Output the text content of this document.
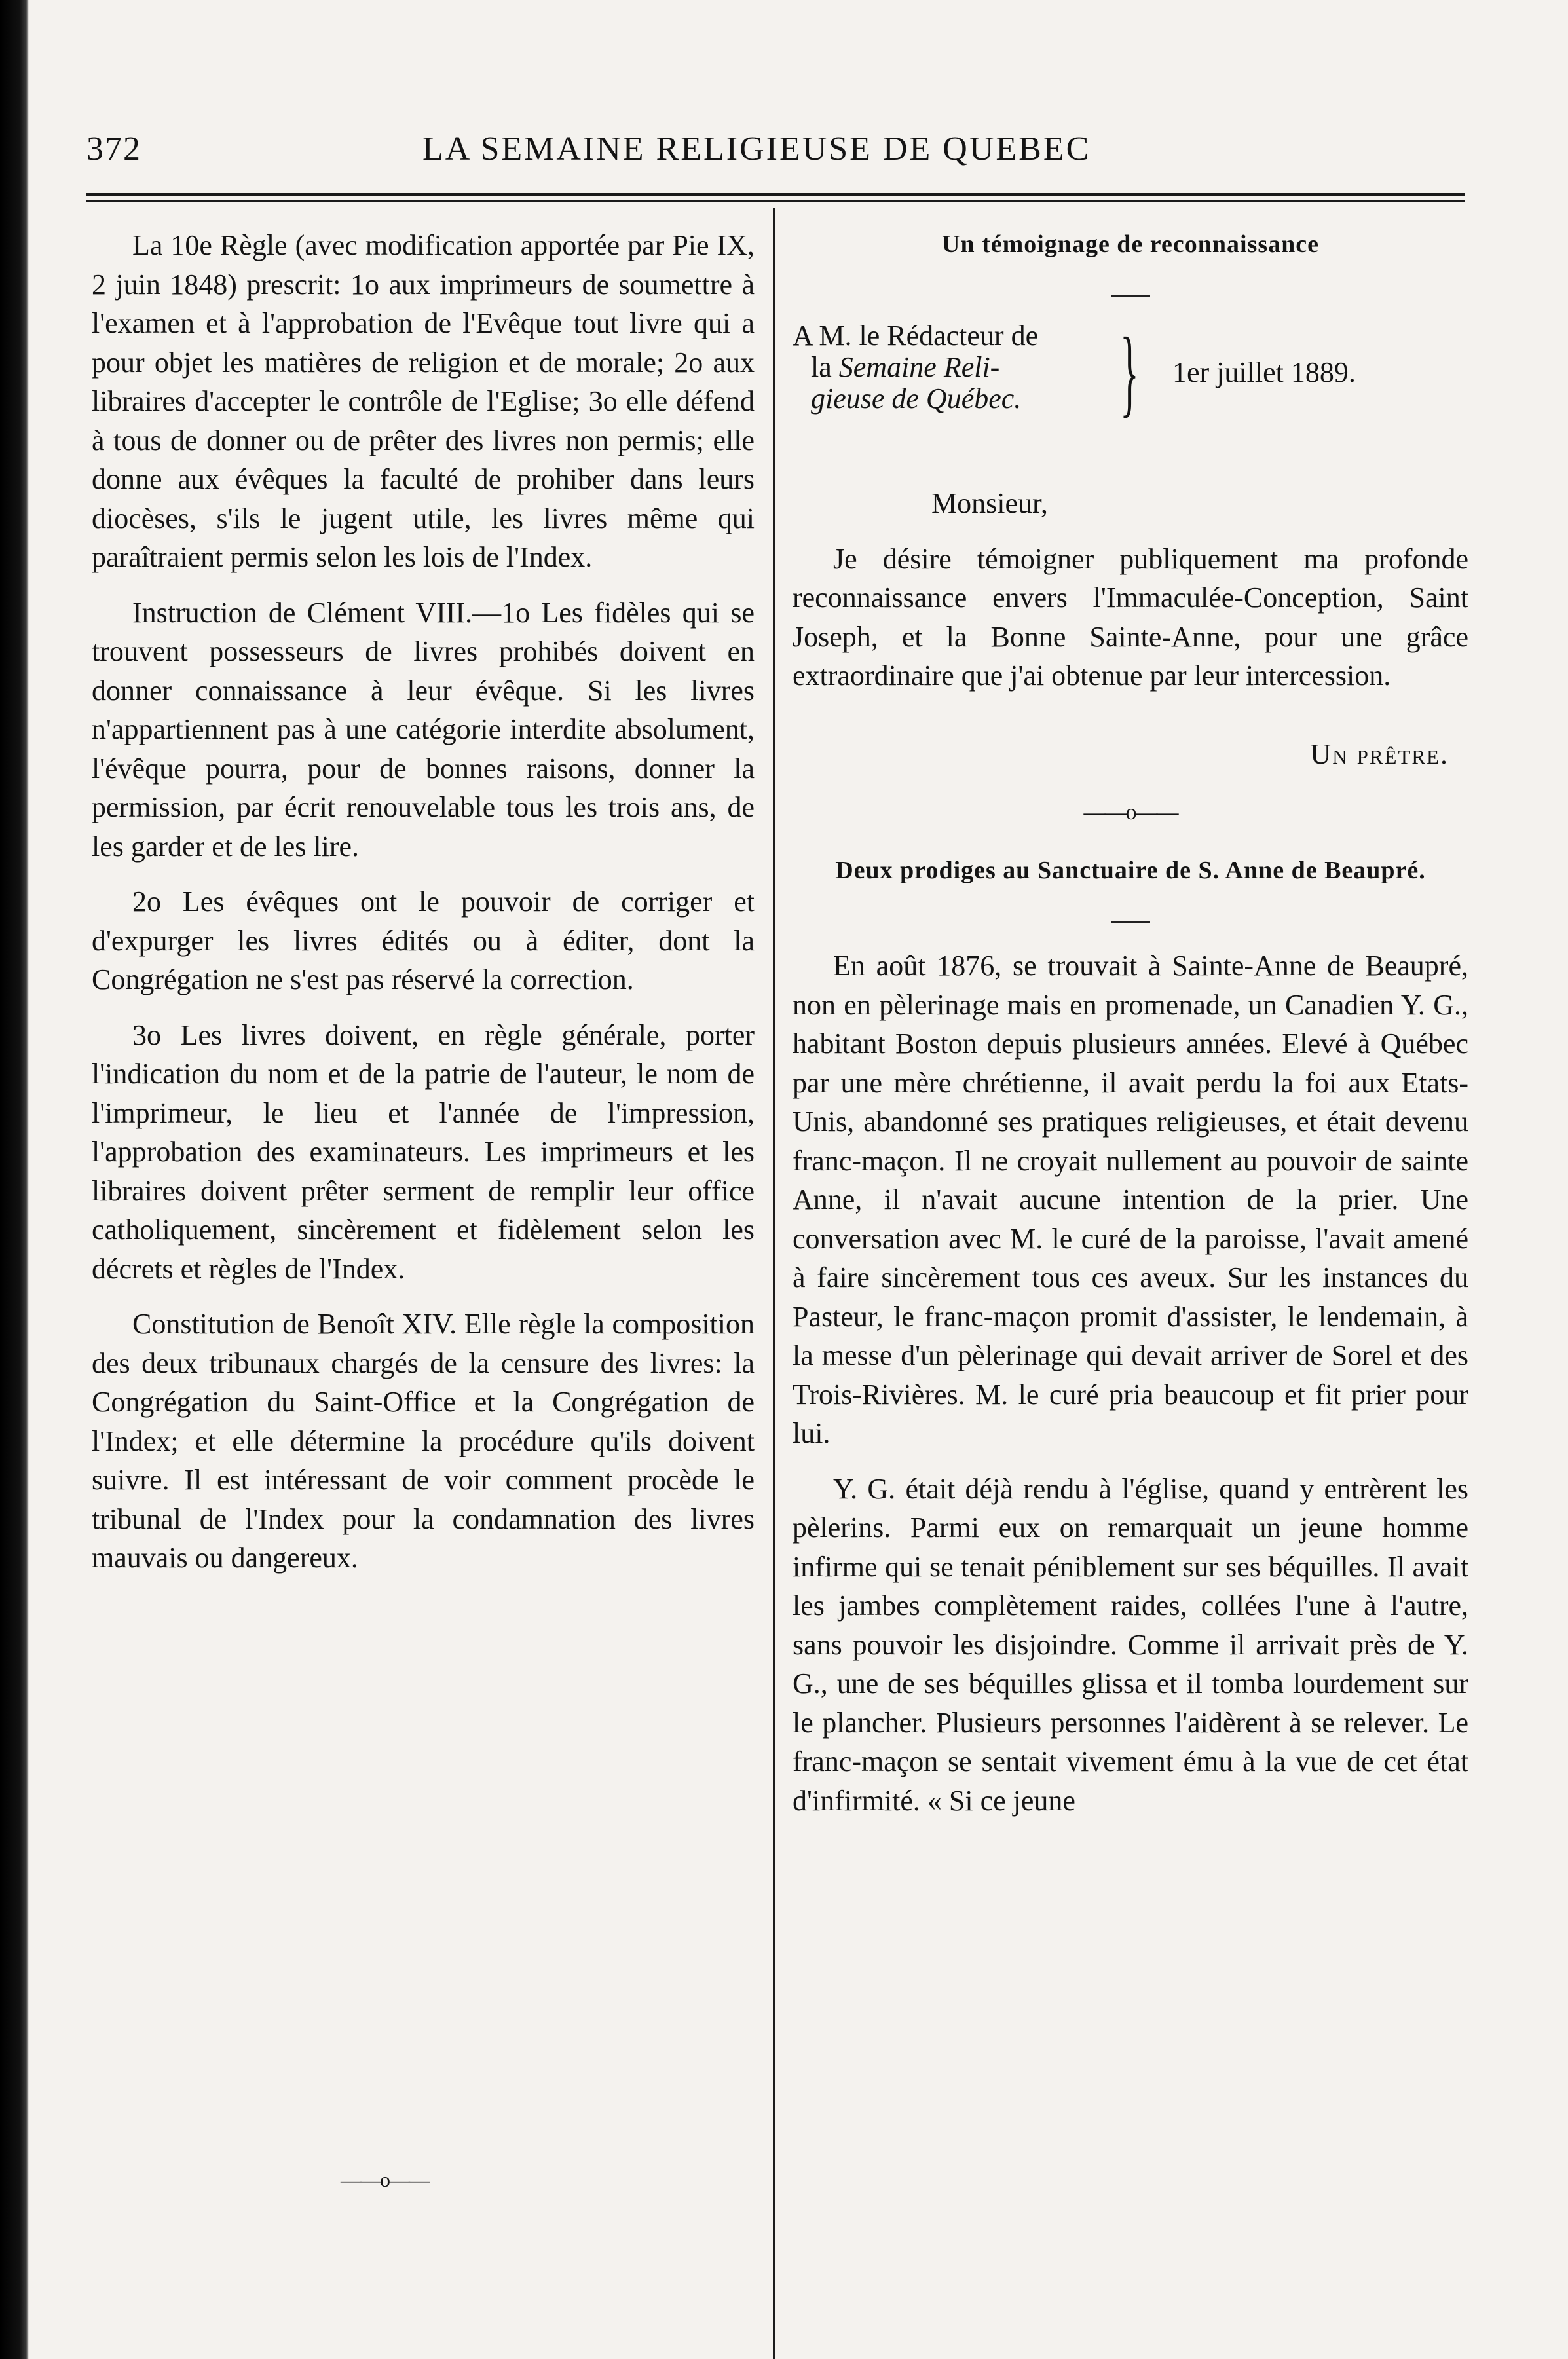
372	LA SEMAINE RELIGIEUSE DE QUEBEC

La 10e Règle (avec modification apportée par Pie IX, 2 juin 1848) prescrit: 1o aux imprimeurs de soumettre à l'examen et à l'approbation de l'Evêque tout livre qui a pour objet les matières de religion et de morale; 2o aux libraires d'accepter le contrôle de l'Eglise; 3o elle défend à tous de donner ou de prêter des livres non permis; elle donne aux évêques la faculté de prohiber dans leurs diocèses, s'ils le jugent utile, les livres même qui paraîtraient permis selon les lois de l'Index.

Instruction de Clément VIII.—1o Les fidèles qui se trouvent possesseurs de livres prohibés doivent en donner connaissance à leur évêque. Si les livres n'appartiennent pas à une catégorie interdite absolument, l'évêque pourra, pour de bonnes raisons, donner la permission, par écrit renouvelable tous les trois ans, de les garder et de les lire.

2o Les évêques ont le pouvoir de corriger et d'expurger les livres édités ou à éditer, dont la Congrégation ne s'est pas réservé la correction.

3o Les livres doivent, en règle générale, porter l'indication du nom et de la patrie de l'auteur, le nom de l'imprimeur, le lieu et l'année de l'impression, l'approbation des examinateurs. Les imprimeurs et les libraires doivent prêter serment de remplir leur office catholiquement, sincèrement et fidèlement selon les décrets et règles de l'Index.

Constitution de Benoît XIV. Elle règle la composition des deux tribunaux chargés de la censure des livres: la Congrégation du Saint-Office et la Congrégation de l'Index; et elle détermine la procédure qu'ils doivent suivre. Il est intéressant de voir comment procède le tribunal de l'Index pour la condamnation des livres mauvais ou dangereux.

——o——
Un témoignage de reconnaissance
A M. le Rédacteur de
la Semaine Reli-
gieuse de Québec.	} 1er juillet 1889.

Monsieur,

Je désire témoigner publiquement ma profonde reconnaissance envers l'Immaculée-Conception, Saint Joseph, et la Bonne Sainte-Anne, pour une grâce extraordinaire que j'ai obtenue par leur intercession.

Un prêtre.
——o——
Deux prodiges au Sanctuaire de S. Anne de Beaupré.

En août 1876, se trouvait à Sainte-Anne de Beaupré, non en pèlerinage mais en promenade, un Canadien Y. G., habitant Boston depuis plusieurs années. Elevé à Québec par une mère chrétienne, il avait perdu la foi aux Etats-Unis, abandonné ses pratiques religieuses, et était devenu franc-maçon. Il ne croyait nullement au pouvoir de sainte Anne, il n'avait aucune intention de la prier. Une conversation avec M. le curé de la paroisse, l'avait amené à faire sincèrement tous ces aveux. Sur les instances du Pasteur, le franc-maçon promit d'assister, le lendemain, à la messe d'un pèlerinage qui devait arriver de Sorel et des Trois-Rivières. M. le curé pria beaucoup et fit prier pour lui.

Y. G. était déjà rendu à l'église, quand y entrèrent les pèlerins. Parmi eux on remarquait un jeune homme infirme qui se tenait péniblement sur ses béquilles. Il avait les jambes complètement raides, collées l'une à l'autre, sans pouvoir les disjoindre. Comme il arrivait près de Y. G., une de ses béquilles glissa et il tomba lourdement sur le plancher. Plusieurs personnes l'aidèrent à se relever. Le franc-maçon se sentait vivement ému à la vue de cet état d'infirmité. « Si ce jeune
